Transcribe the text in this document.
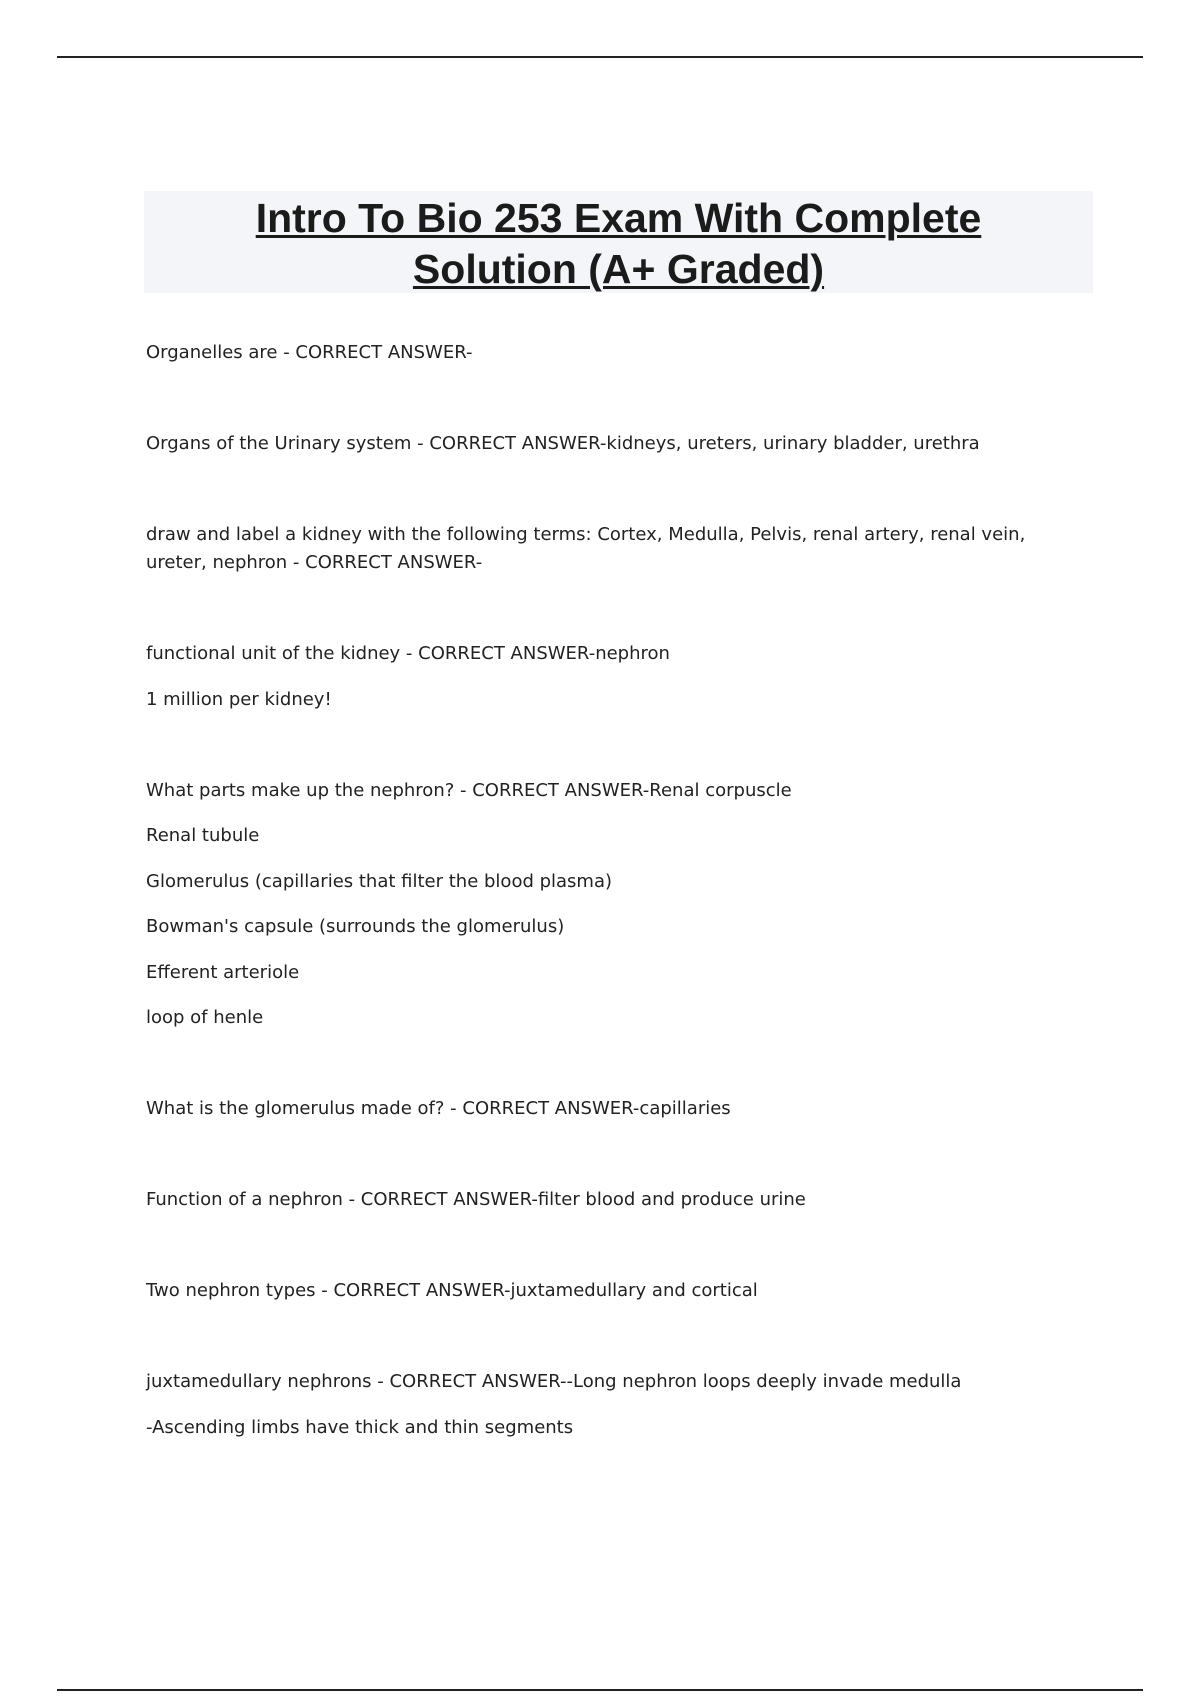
Intro To Bio 253 Exam With Complete
Solution (A+ Graded)
Organelles are - CORRECT ANSWER-
Organs of the Urinary system - CORRECT ANSWER-kidneys, ureters, urinary bladder, urethra
draw and label a kidney with the following terms: Cortex, Medulla, Pelvis, renal artery, renal vein,
ureter, nephron - CORRECT ANSWER-
functional unit of the kidney - CORRECT ANSWER-nephron
1 million per kidney!
What parts make up the nephron? - CORRECT ANSWER-Renal corpuscle
Renal tubule
Glomerulus (capillaries that filter the blood plasma)
Bowman's capsule (surrounds the glomerulus)
Efferent arteriole
loop of henle
What is the glomerulus made of? - CORRECT ANSWER-capillaries
Function of a nephron - CORRECT ANSWER-filter blood and produce urine
Two nephron types - CORRECT ANSWER-juxtamedullary and cortical
juxtamedullary nephrons - CORRECT ANSWER--Long nephron loops deeply invade medulla
-Ascending limbs have thick and thin segments
